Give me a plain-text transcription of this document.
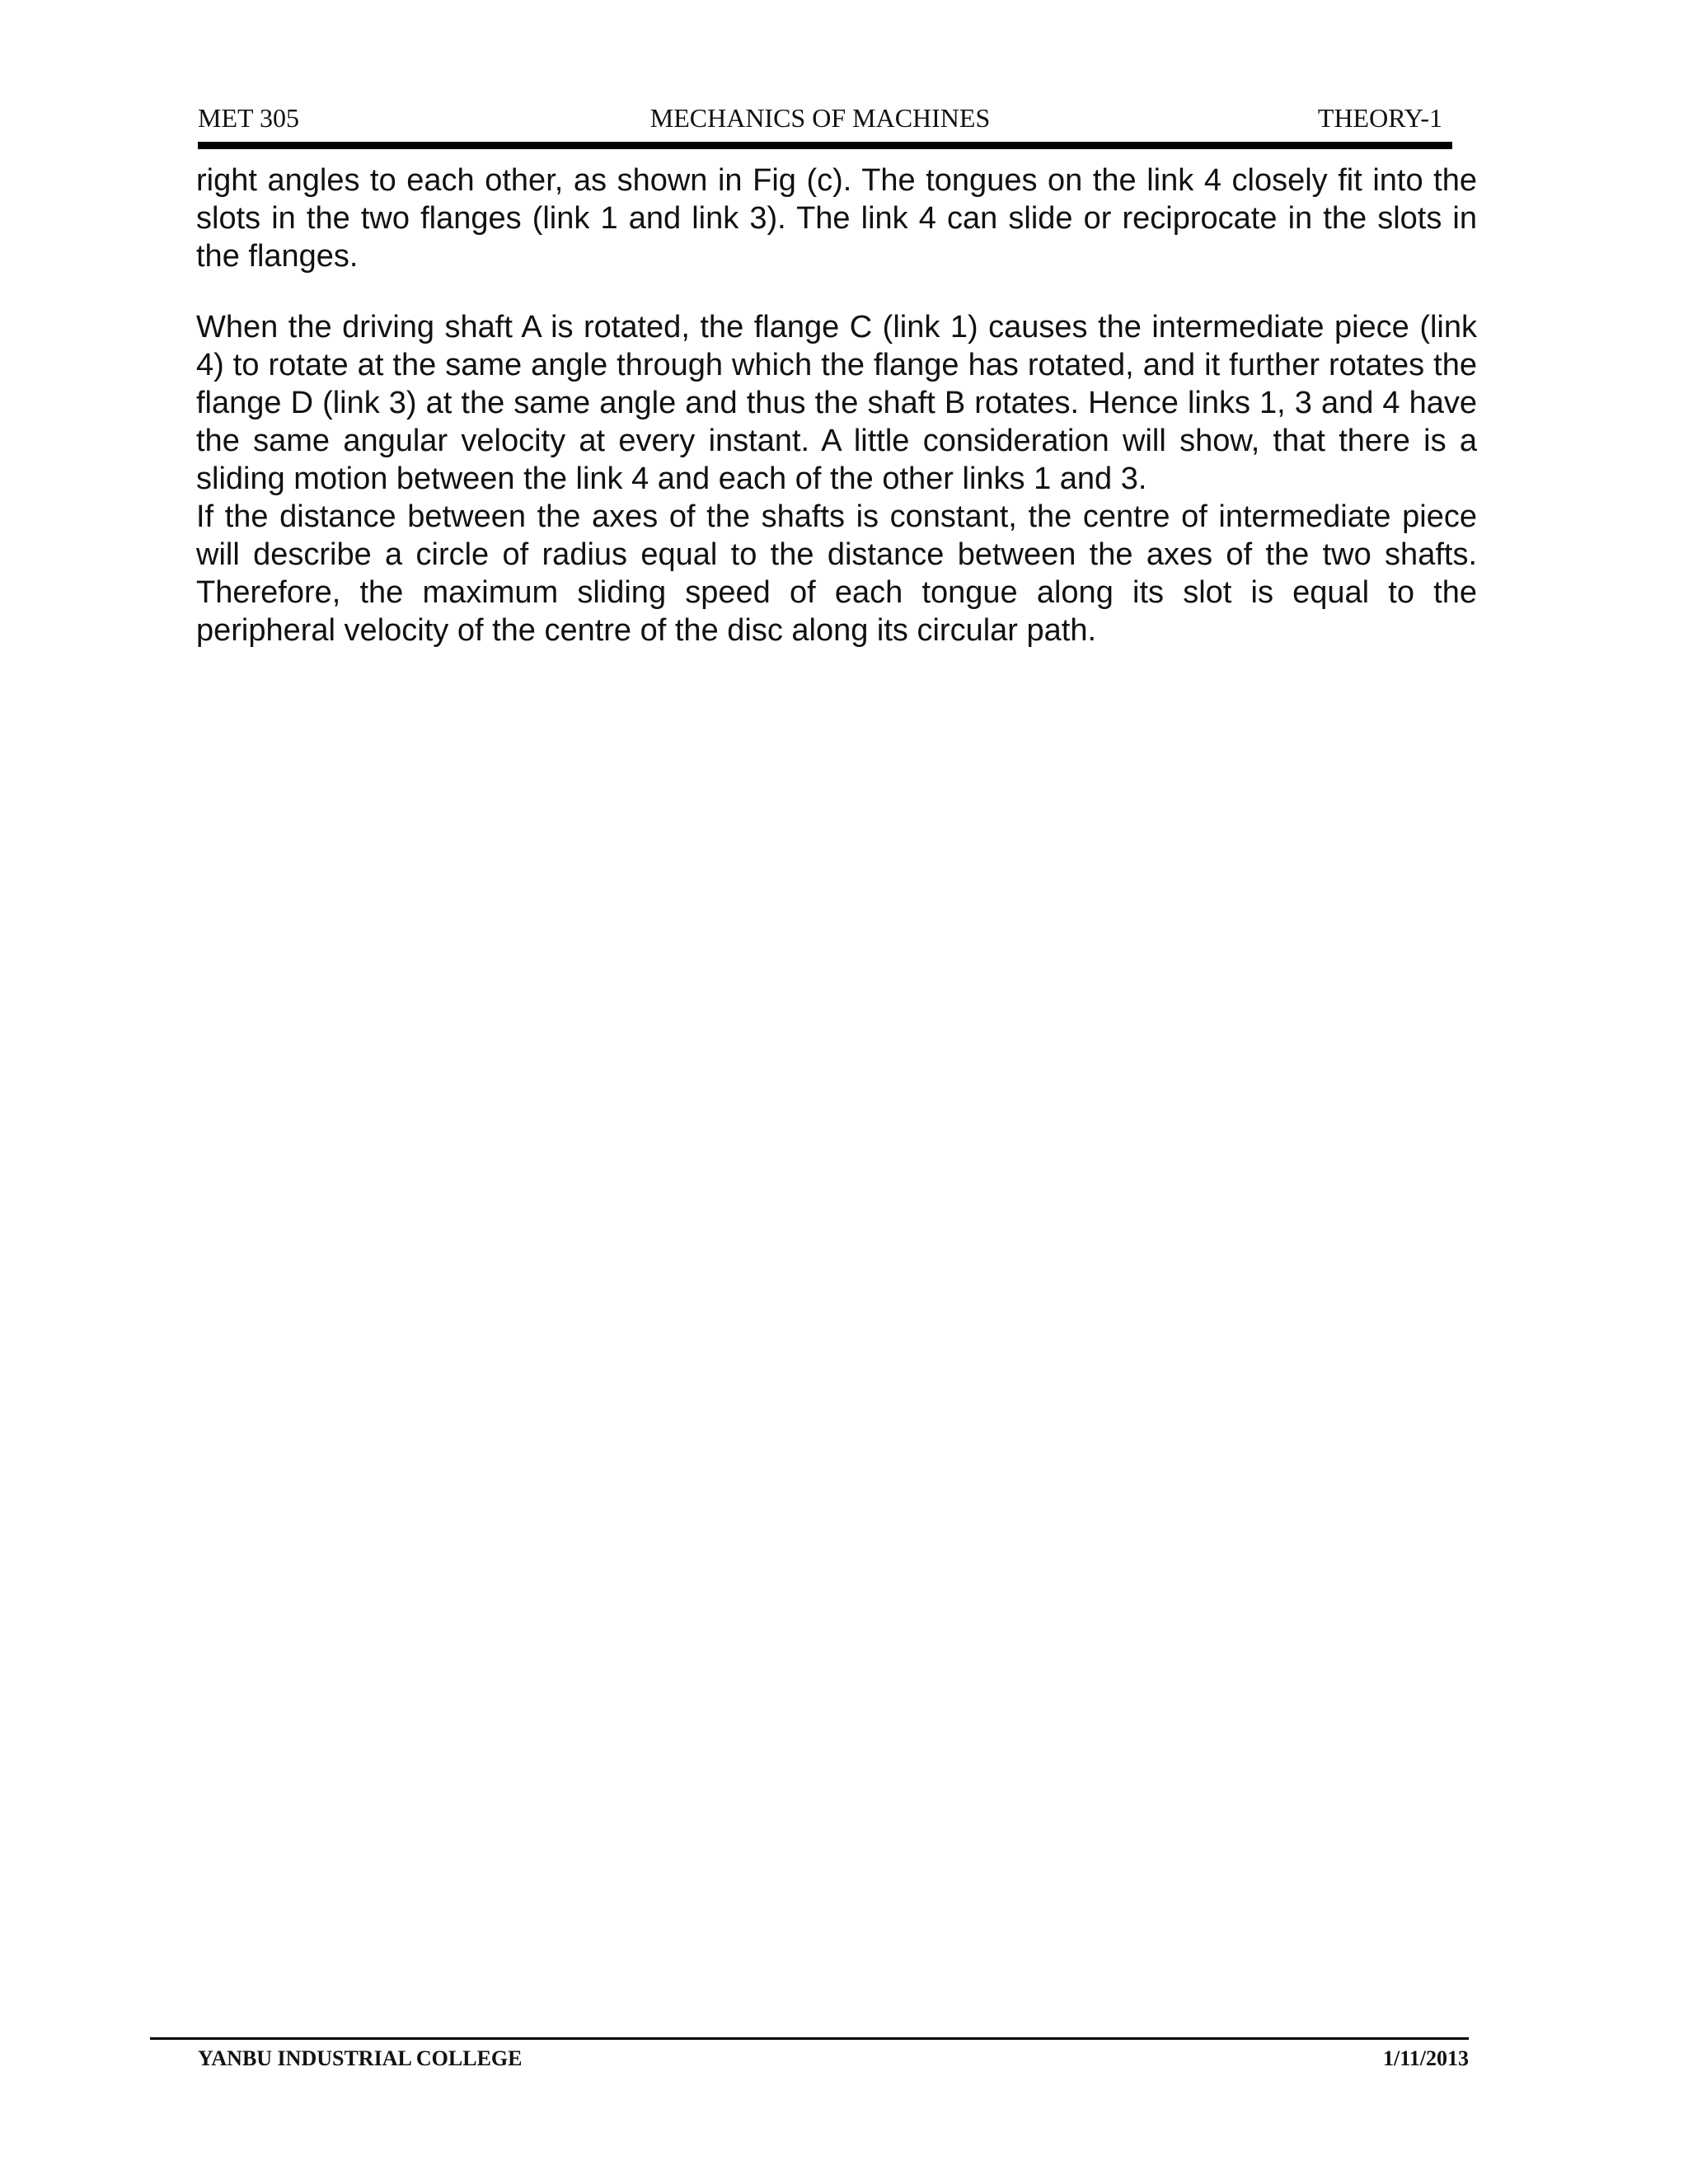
MET 305	MECHANICS OF MACHINES	THEORY-1

right angles to each other, as shown in Fig (c). The tongues on the link 4 closely fit into the slots in the two flanges (link 1 and link 3). The link 4 can slide or reciprocate in the slots in the flanges.

When the driving shaft A is rotated, the flange C (link 1) causes the intermediate piece (link 4) to rotate at the same angle through which the flange has rotated, and it further rotates the flange D (link 3) at the same angle and thus the shaft B rotates. Hence links 1, 3 and 4 have the same angular velocity at every instant. A little consideration will show, that there is a sliding motion between the link 4 and each of the other links 1 and 3.

If the distance between the axes of the shafts is constant, the centre of intermediate piece will describe a circle of radius equal to the distance between the axes of the two shafts. Therefore, the maximum sliding speed of each tongue along its slot is equal to the peripheral velocity of the centre of the disc along its circular path.

YANBU INDUSTRIAL COLLEGE	1/11/2013
